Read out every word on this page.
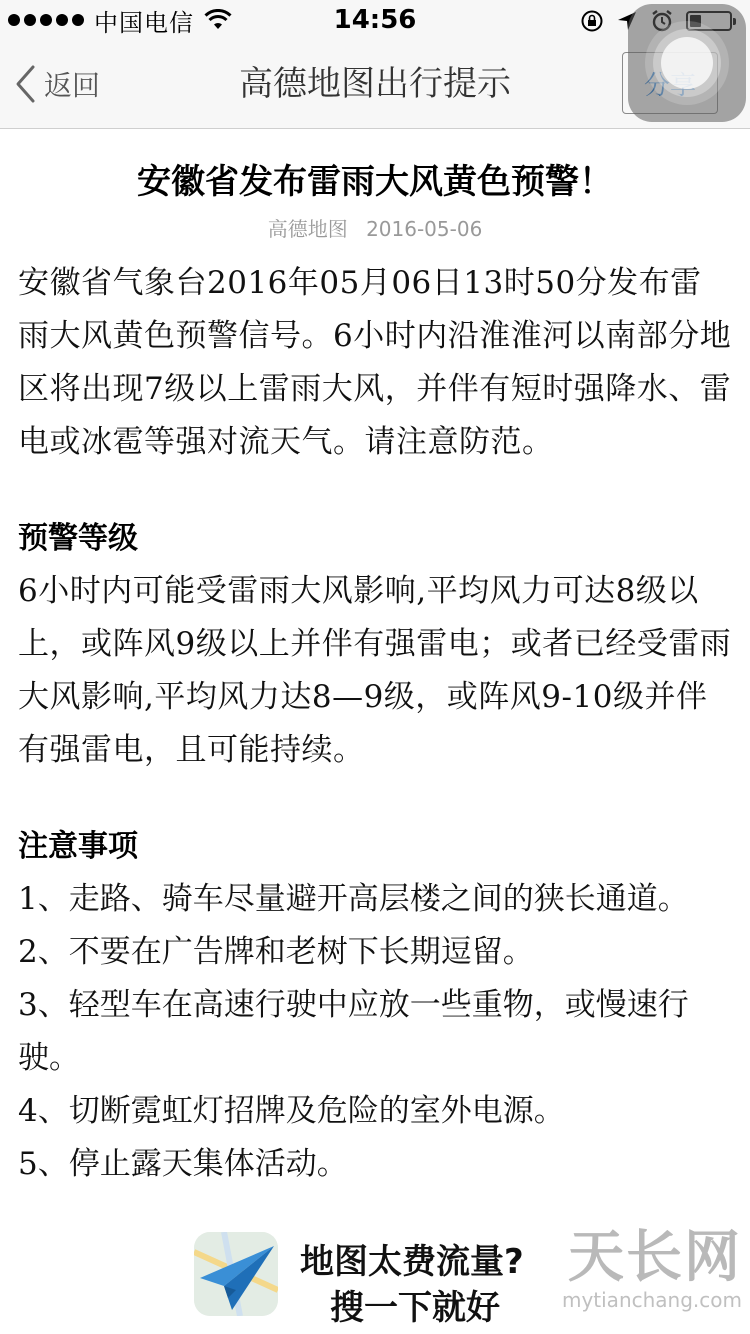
中国电信	14:56
返回	高德地图出行提示
安徽省发布雷雨大风黄色预警！
高德地图 2016-05-06
安徽省气象台2016年05月06日13时50分发布雷雨大风黄色预警信号。6小时内沿淮淮河以南部分地区将出现7级以上雷雨大风，并伴有短时强降水、雷电或冰雹等强对流天气。请注意防范。
预警等级
6小时内可能受雷雨大风影响,平均风力可达8级以上，或阵风9级以上并伴有强雷电；或者已经受雷雨大风影响,平均风力达8—9级，或阵风9-10级并伴有强雷电，且可能持续。
注意事项
1、走路、骑车尽量避开高层楼之间的狭长通道。
2、不要在广告牌和老树下长期逗留。
3、轻型车在高速行驶中应放一些重物，或慢速行驶。
4、切断霓虹灯招牌及危险的室外电源。
5、停止露天集体活动。
地图太费流量?
搜一下就好
天长网
mytianchang.com
